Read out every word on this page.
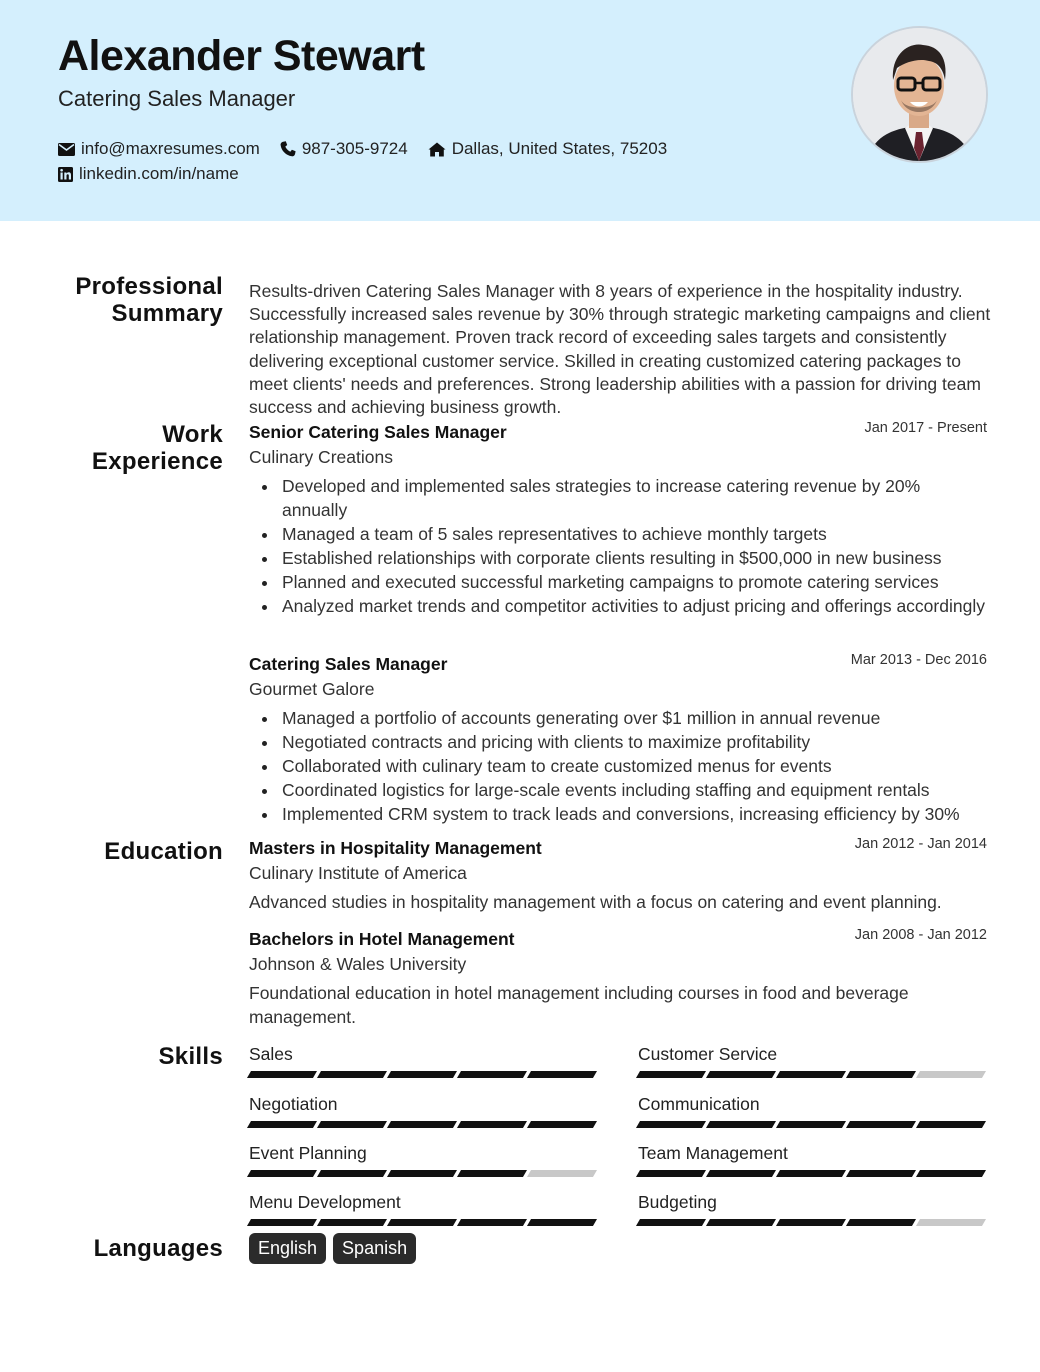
Alexander Stewart
Catering Sales Manager
info@maxresumes.com 987-305-9724	Dallas, United States, 75203
linkedin.com/in/name
Professional
Summary
Results-driven Catering Sales Manager with 8 years of experience in the hospitality industry. Successfully increased sales revenue by 30% through strategic marketing campaigns and client relationship management. Proven track record of exceeding sales targets and consistently delivering exceptional customer service. Skilled in creating customized catering packages to meet clients' needs and preferences. Strong leadership abilities with a passion for driving team success and achieving business growth.
Work
Experience
Senior Catering Sales Manager	Jan 2017 - Present
Culinary Creations
Developed and implemented sales strategies to increase catering revenue by 20% annually
Managed a team of 5 sales representatives to achieve monthly targets
Established relationships with corporate clients resulting in $500,000 in new business
Planned and executed successful marketing campaigns to promote catering services
Analyzed market trends and competitor activities to adjust pricing and offerings accordingly
Catering Sales Manager	Mar 2013 - Dec 2016
Gourmet Galore
Managed a portfolio of accounts generating over $1 million in annual revenue
Negotiated contracts and pricing with clients to maximize profitability
Collaborated with culinary team to create customized menus for events
Coordinated logistics for large-scale events including staffing and equipment rentals
Implemented CRM system to track leads and conversions, increasing efficiency by 30%
Education Masters in Hospitality Management	Jan 2012 - Jan 2014
Culinary Institute of America
Advanced studies in hospitality management with a focus on catering and event planning.
Bachelors in Hotel Management	Jan 2008 - Jan 2012
Johnson & Wales University
Foundational education in hotel management including courses in food and beverage management.
Skills Sales	Customer Service
Negotiation	Communication
Event Planning	Team Management
Menu Development	Budgeting
Languages	English	Spanish
